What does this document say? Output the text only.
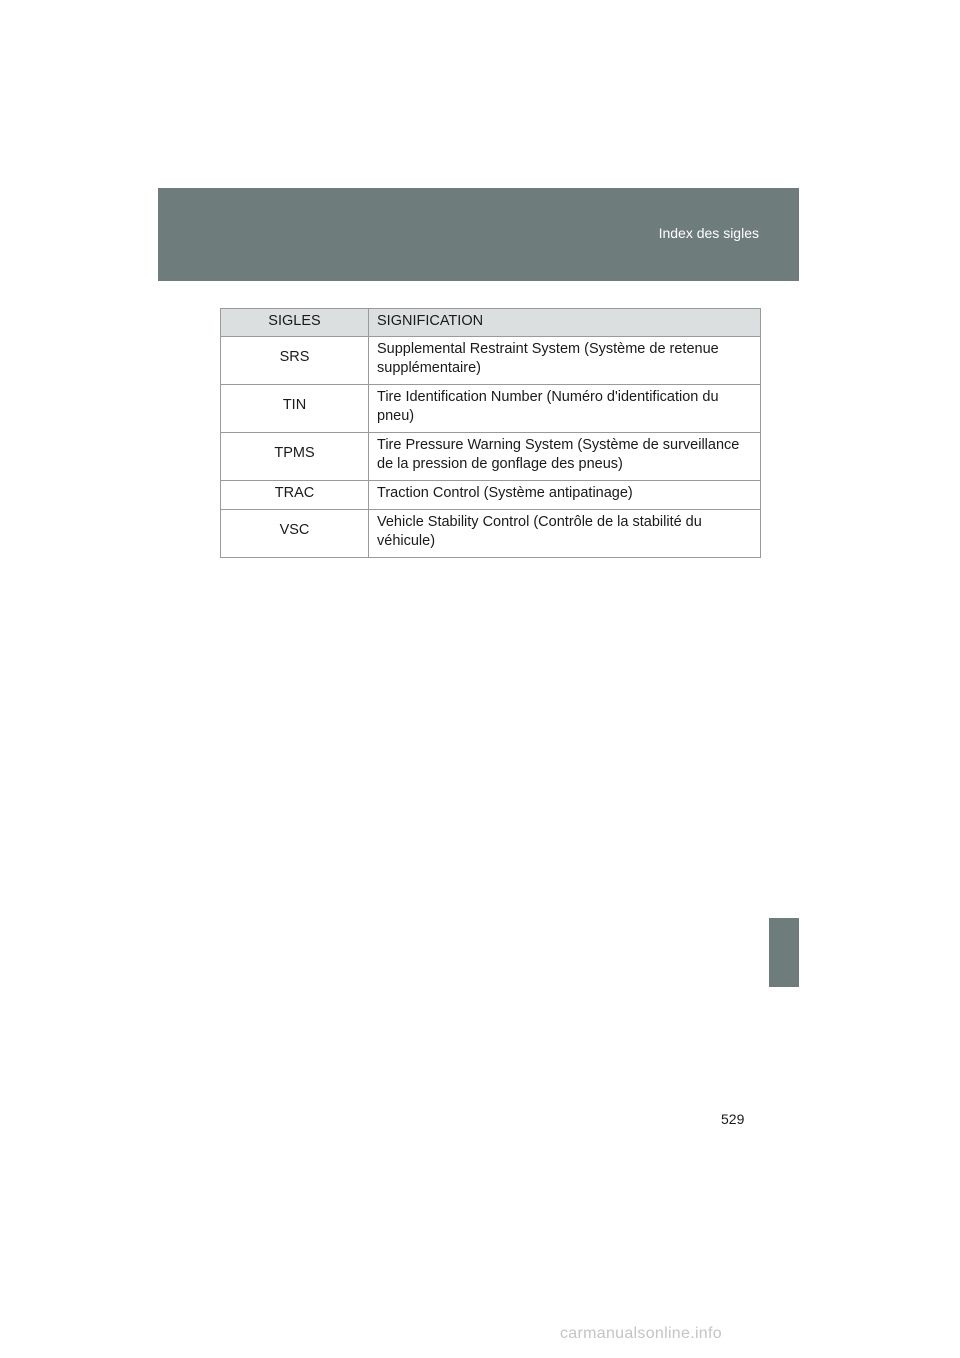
Index des sigles
SIGLES	SIGNIFICATION
SRS	Supplemental Restraint System (Système de retenue supplémentaire)
TIN	Tire Identification Number (Numéro d'identification du pneu)
TPMS	Tire Pressure Warning System (Système de surveillance de la pression de gonflage des pneus)
TRAC	Traction Control (Système antipatinage)
VSC	Vehicle Stability Control (Contrôle de la stabilité du véhicule)
529
carmanualsonline.info
